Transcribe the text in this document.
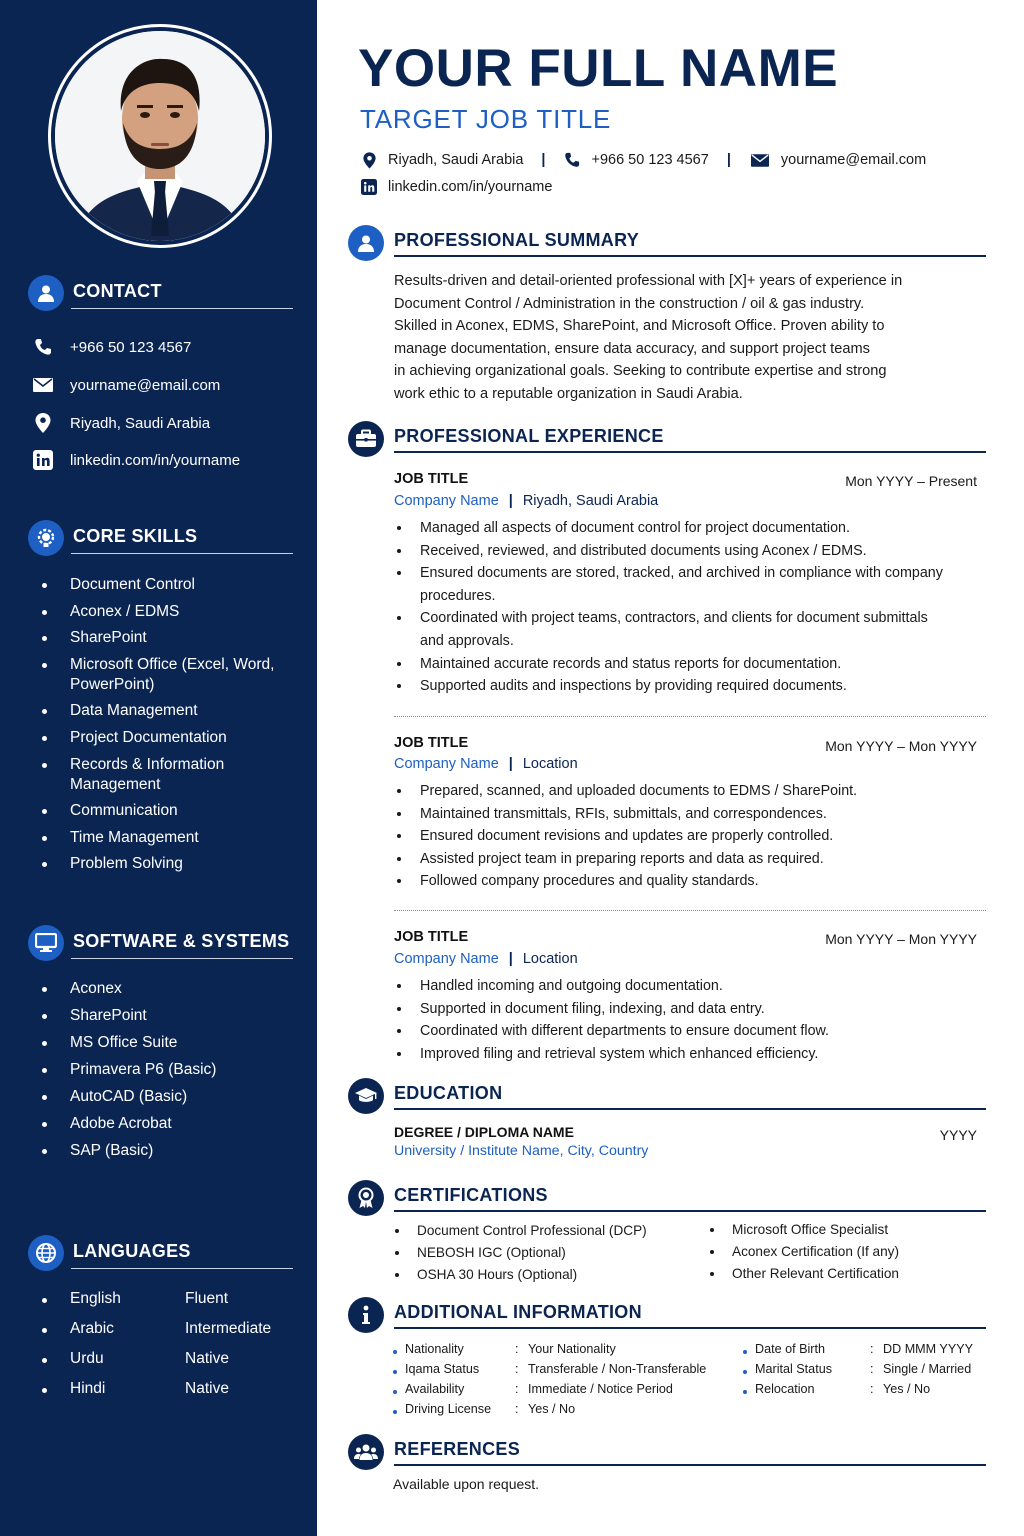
CONTACT
+966 50 123 4567
yourname@email.com
Riyadh, Saudi Arabia
linkedin.com/in/yourname
CORE SKILLS
Document Control
Aconex / EDMS
SharePoint
Microsoft Office (Excel, Word, PowerPoint)
Data Management
Project Documentation
Records & Information Management
Communication
Time Management
Problem Solving
SOFTWARE & SYSTEMS
Aconex
SharePoint
MS Office Suite
Primavera P6 (Basic)
AutoCAD (Basic)
Adobe Acrobat
SAP (Basic)
LANGUAGES
English	Fluent
Arabic	Intermediate
Urdu	Native
Hindi	Native
YOUR FULL NAME
TARGET JOB TITLE
Riyadh, Saudi Arabia |	+966 50 123 4567 |	yourname@email.com
linkedin.com/in/yourname
PROFESSIONAL SUMMARY
Results-driven and detail-oriented professional with [X]+ years of experience in
Document Control / Administration in the construction / oil & gas industry.
Skilled in Aconex, EDMS, SharePoint, and Microsoft Office. Proven ability to
manage documentation, ensure data accuracy, and support project teams
in achieving organizational goals. Seeking to contribute expertise and strong
work ethic to a reputable organization in Saudi Arabia.
PROFESSIONAL EXPERIENCE
JOB TITLE	Mon YYYY – Present
Company Name | Riyadh, Saudi Arabia
Managed all aspects of document control for project documentation.
Received, reviewed, and distributed documents using Aconex / EDMS.
Ensured documents are stored, tracked, and archived in compliance with company procedures.
Coordinated with project teams, contractors, and clients for document submittals and approvals.
Maintained accurate records and status reports for documentation.
Supported audits and inspections by providing required documents.
JOB TITLE	Mon YYYY – Mon YYYY
Company Name | Location
Prepared, scanned, and uploaded documents to EDMS / SharePoint.
Maintained transmittals, RFIs, submittals, and correspondences.
Ensured document revisions and updates are properly controlled.
Assisted project team in preparing reports and data as required.
Followed company procedures and quality standards.
JOB TITLE	Mon YYYY – Mon YYYY
Company Name | Location
Handled incoming and outgoing documentation.
Supported in document filing, indexing, and data entry.
Coordinated with different departments to ensure document flow.
Improved filing and retrieval system which enhanced efficiency.
EDUCATION
DEGREE / DIPLOMA NAME	YYYY
University / Institute Name, City, Country
CERTIFICATIONS
Document Control Professional (DCP)
NEBOSH IGC (Optional)
OSHA 30 Hours (Optional)
Microsoft Office Specialist
Aconex Certification (If any)
Other Relevant Certification
ADDITIONAL INFORMATION
Nationality	: Your Nationality
Iqama Status	: Transferable / Non-Transferable
Availability	: Immediate / Notice Period
Driving License : Yes / No
Date of Birth	: DD MMM YYYY
Marital Status	: Single / Married
Relocation	: Yes / No
REFERENCES
Available upon request.
